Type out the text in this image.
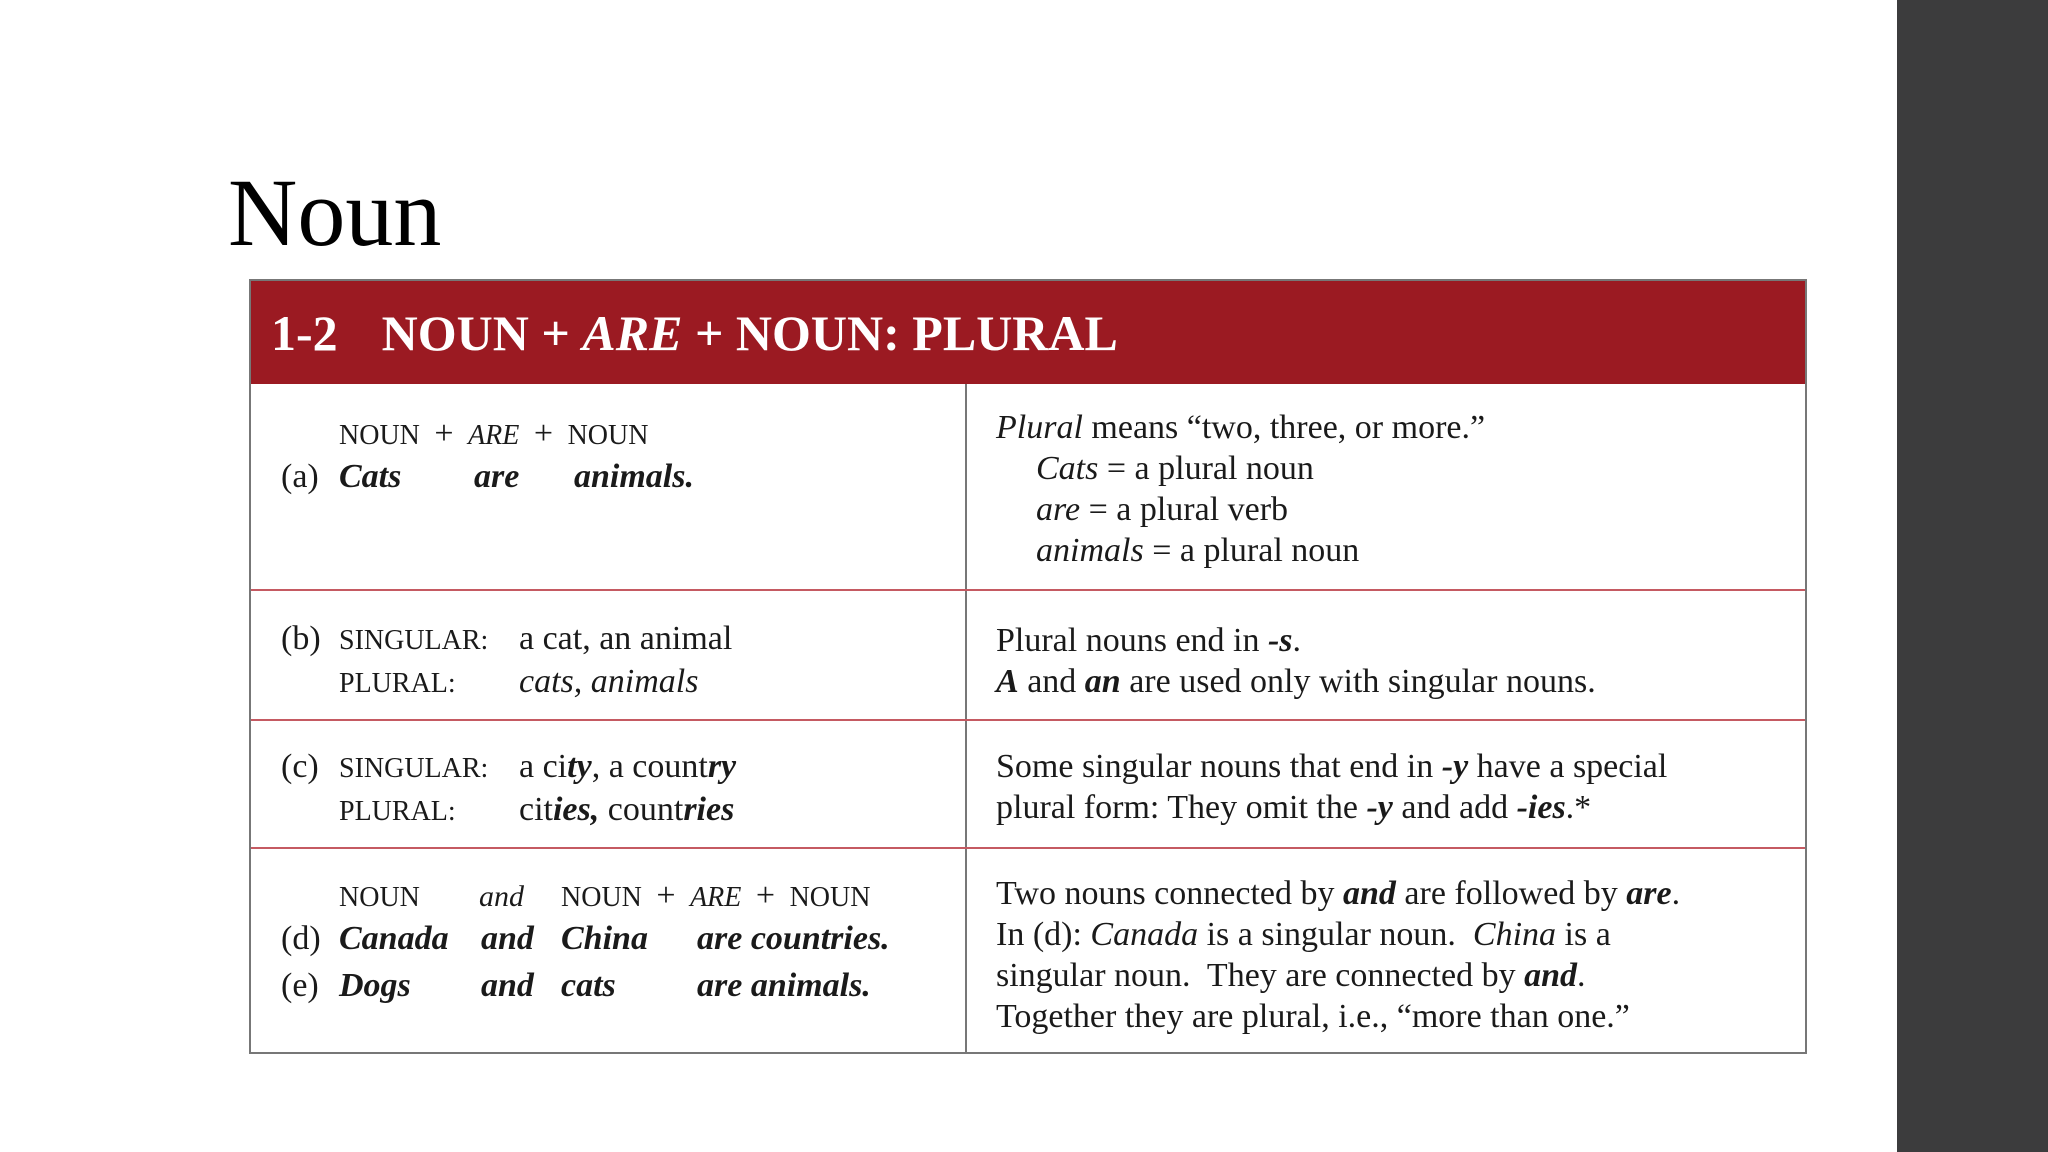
Noun
1-2 NOUN + ARE + NOUN: PLURAL
NOUN + ARE + NOUN
(a) Cats are animals.
Plural means “two, three, or more.”
Cats = a plural noun
are = a plural verb
animals = a plural noun
(b) SINGULAR: a cat, an animal
PLURAL: cats, animals
Plural nouns end in -s.
A and an are used only with singular nouns.
(c) SINGULAR: a city, a country
PLURAL: cities, countries
Some singular nouns that end in -y have a special
plural form: They omit the -y and add -ies.*
NOUN and NOUN + ARE + NOUN
(d) Canada and China are countries.
(e) Dogs and cats are animals.
Two nouns connected by and are followed by are.
In (d): Canada is a singular noun.  China is a
singular noun.  They are connected by and.
Together they are plural, i.e., “more than one.”
